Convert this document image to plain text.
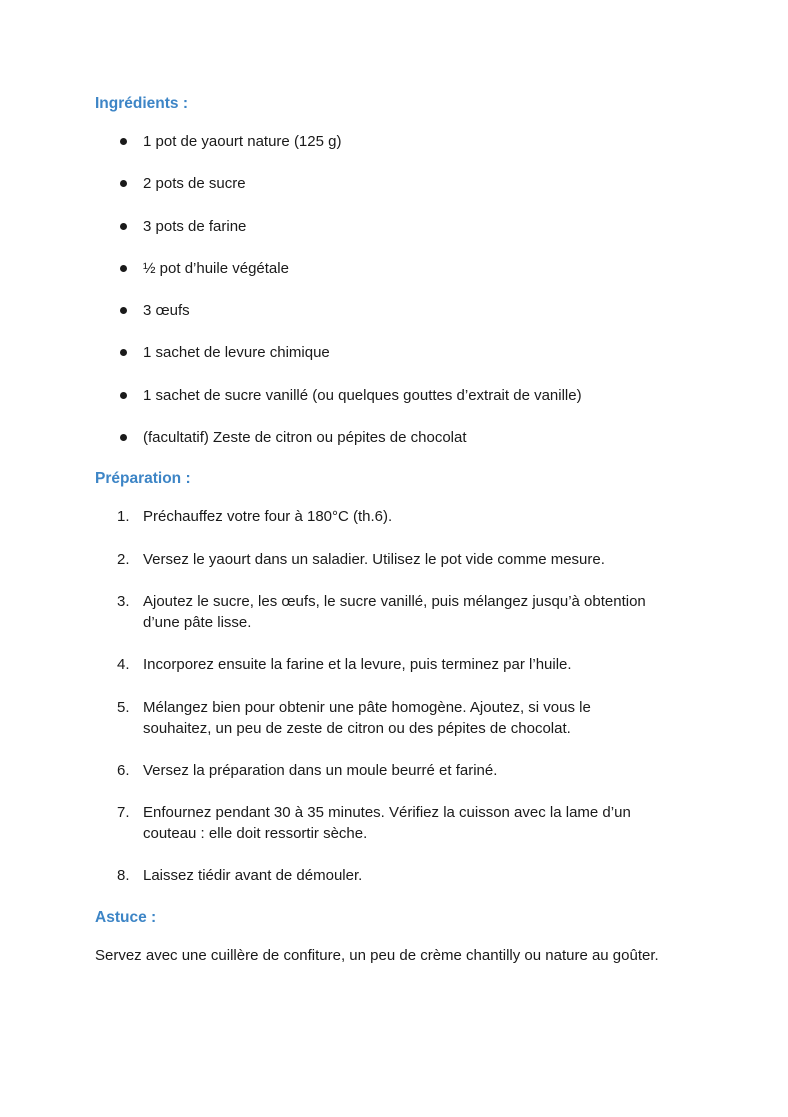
Ingrédients :
1 pot de yaourt nature (125 g)
2 pots de sucre
3 pots de farine
½ pot d’huile végétale
3 œufs
1 sachet de levure chimique
1 sachet de sucre vanillé (ou quelques gouttes d’extrait de vanille)
(facultatif) Zeste de citron ou pépites de chocolat
Préparation :
1. Préchauffez votre four à 180°C (th.6).
2. Versez le yaourt dans un saladier. Utilisez le pot vide comme mesure.
3. Ajoutez le sucre, les œufs, le sucre vanillé, puis mélangez jusqu’à obtention d’une pâte lisse.
4. Incorporez ensuite la farine et la levure, puis terminez par l’huile.
5. Mélangez bien pour obtenir une pâte homogène. Ajoutez, si vous le souhaitez, un peu de zeste de citron ou des pépites de chocolat.
6. Versez la préparation dans un moule beurré et fariné.
7. Enfournez pendant 30 à 35 minutes. Vérifiez la cuisson avec la lame d’un couteau : elle doit ressortir sèche.
8. Laissez tiédir avant de démouler.
Astuce :

Servez avec une cuillère de confiture, un peu de crème chantilly ou nature au goûter.
